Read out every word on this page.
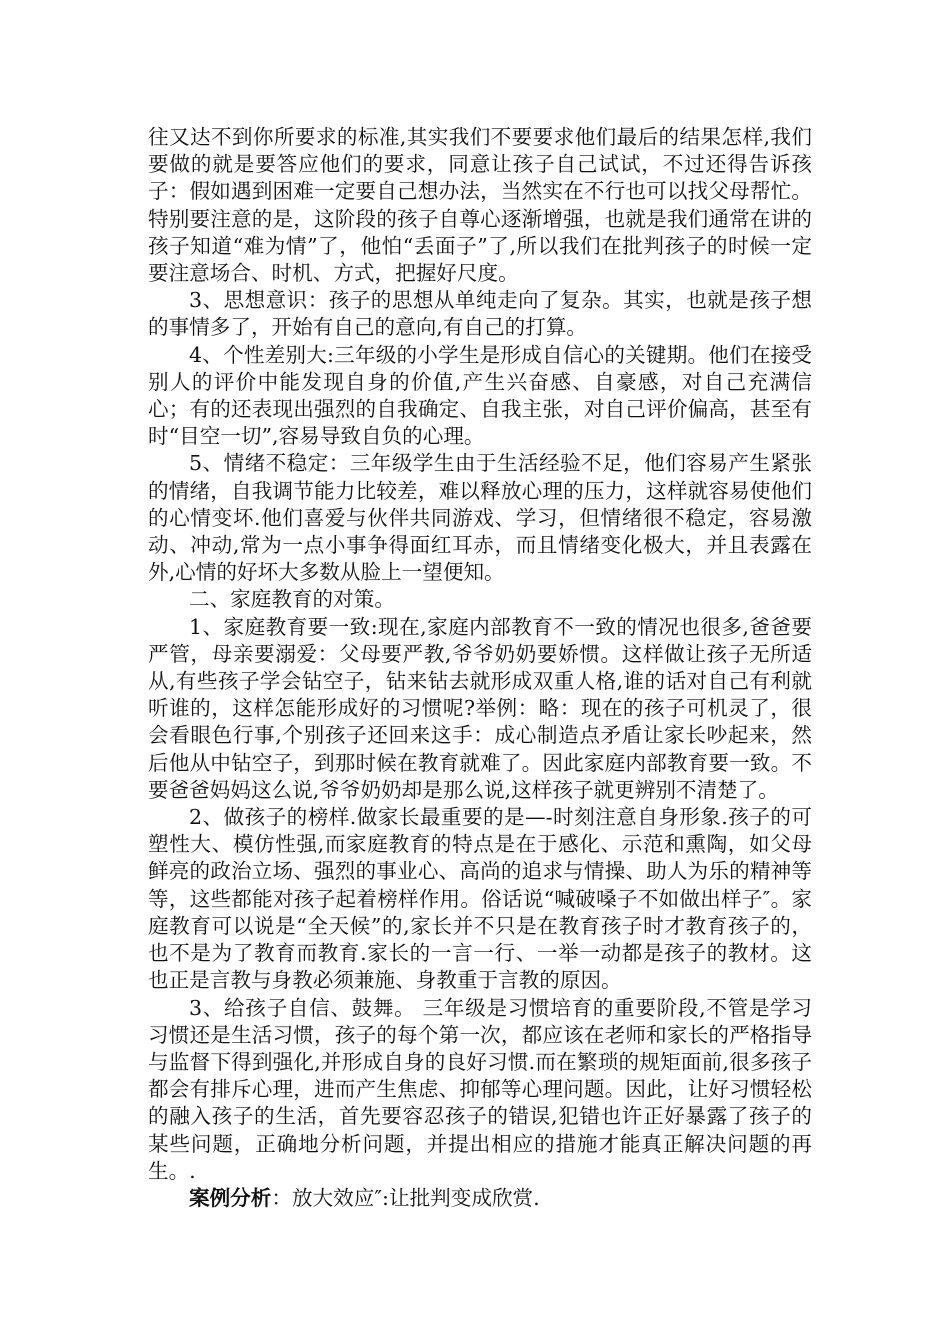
往又达不到你所要求的标准,其实我们不要要求他们最后的结果怎样,我们要做的就是要答应他们的要求，同意让孩子自己试试，不过还得告诉孩子：假如遇到困难一定要自己想办法，当然实在不行也可以找父母帮忙。特别要注意的是，这阶段的孩子自尊心逐渐增强，也就是我们通常在讲的孩子知道“难为情”了，他怕“丢面子”了,所以我们在批判孩子的时候一定要注意场合、时机、方式，把握好尺度。

3、思想意识：孩子的思想从单纯走向了复杂。其实，也就是孩子想的事情多了，开始有自己的意向,有自己的打算。

4、个性差别大:三年级的小学生是形成自信心的关键期。他们在接受别人的评价中能发现自身的价值,产生兴奋感、自豪感，对自己充满信心；有的还表现出强烈的自我确定、自我主张，对自己评价偏高，甚至有时“目空一切”,容易导致自负的心理。

5、情绪不稳定：三年级学生由于生活经验不足，他们容易产生紧张的情绪，自我调节能力比较差，难以释放心理的压力，这样就容易使他们的心情变坏.他们喜爱与伙伴共同游戏、学习，但情绪很不稳定，容易激动、冲动,常为一点小事争得面红耳赤，而且情绪变化极大，并且表露在外,心情的好坏大多数从脸上一望便知。

二、家庭教育的对策。

1、家庭教育要一致:现在,家庭内部教育不一致的情况也很多,爸爸要严管，母亲要溺爱：父母要严教,爷爷奶奶要娇惯。这样做让孩子无所适从,有些孩子学会钻空子，钻来钻去就形成双重人格,谁的话对自己有利就听谁的，这样怎能形成好的习惯呢?举例：略：现在的孩子可机灵了，很会看眼色行事,个别孩子还回来这手：成心制造点矛盾让家长吵起来，然后他从中钻空子，到那时候在教育就难了。因此家庭内部教育要一致。不要爸爸妈妈这么说,爷爷奶奶却是那么说,这样孩子就更辨别不清楚了。

2、做孩子的榜样.做家长最重要的是—-时刻注意自身形象.孩子的可塑性大、模仿性强,而家庭教育的特点是在于感化、示范和熏陶，如父母鲜亮的政治立场、强烈的事业心、高尚的追求与情操、助人为乐的精神等等，这些都能对孩子起着榜样作用。俗话说“喊破嗓子不如做出样子″。家庭教育可以说是“全天候”的,家长并不只是在教育孩子时才教育孩子的，也不是为了教育而教育.家长的一言一行、一举一动都是孩子的教材。这也正是言教与身教必须兼施、身教重于言教的原因。

3、给孩子自信、鼓舞。 三年级是习惯培育的重要阶段,不管是学习习惯还是生活习惯，孩子的每个第一次，都应该在老师和家长的严格指导与监督下得到强化,并形成自身的良好习惯.而在繁琐的规矩面前,很多孩子都会有排斥心理，进而产生焦虑、抑郁等心理问题。因此，让好习惯轻松的融入孩子的生活，首先要容忍孩子的错误,犯错也许正好暴露了孩子的某些问题，正确地分析问题，并提出相应的措施才能真正解决问题的再生。.

案例分析：放大效应″:让批判变成欣赏.
